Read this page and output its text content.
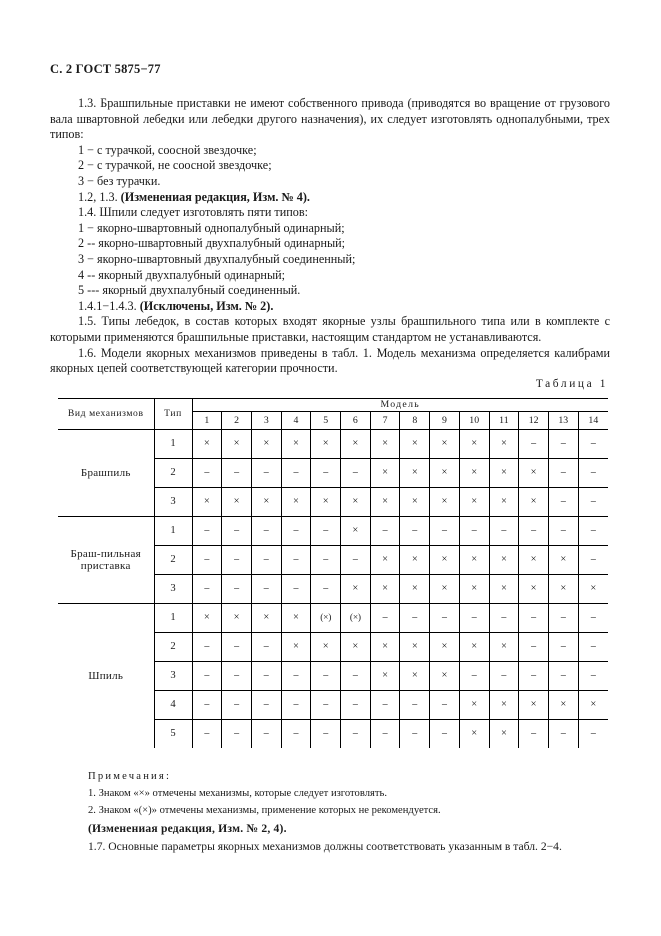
С. 2 ГОСТ 5875−77

1.3. Брашпильные приставки не имеют собственного привода (приводятся во вращение от грузового вала швартовной лебедки или лебедки другого назначения), их следует изготовлять однопалубными, трех типов:

1 − с турачкой, соосной звездочке;

2 − с турачкой, не соосной звездочке;

3 − без турачки.

1.2, 1.3. (Изменениая редакция, Изм. № 4).

1.4. Шпили следует изготовлять пяти типов:

1 − якорно-швартовный однопалубный одинарный;

2 -- якорно-швартовный двухпалубный одинарный;

3 − якорно-швартовный двухпалубный соединенный;

4 -- якорный двухпалубный одинарный;

5 --- якорный двухпалубный соединенный.

1.4.1−1.4.3. (Исключены, Изм. № 2).

1.5. Типы лебедок, в состав которых входят якорные узлы брашпильного типа или в комплекте с которыми применяются брашпильные приставки, настоящим стандартом не устанавливаются.

1.6. Модели якорных механизмов приведены в табл. 1. Модель механизма определяется калибрами якорных цепей соответствующей категории прочности.

Таблица 1
Вид механизмов	Тип	Модель													
		1	2	3	4	5	6	7	8	9	10	11	12	13	14
Брашпиль	1	×	×	×	×	×	×	×	×	×	×	×	−	−	−
	2	−	−	−	−	−	−	×	×	×	×	×	×	−	−
	3	×	×	×	×	×	×	×	×	×	×	×	×	−	−
Браш-пильная
приставка	1	−	−	−	−	−	×	−	−	−	−	−	−	−	−
	2	−	−	−	−	−	−	×	×	×	×	×	×	×	−
	3	−	−	−	−	−	×	×	×	×	×	×	×	×	×
Шпиль	1	×	×	×	×	(×)	(×)	−	−	−	−	−	−	−	−
	2	−	−	−	×	×	×	×	×	×	×	×	−	−	−
	3	−	−	−	−	−	−	×	×	×	−	−	−	−	−
	4	−	−	−	−	−	−	−	−	−	×	×	×	×	×
	5	−	−	−	−	−	−	−	−	−	×	×	−	−	−
Примечания:
1. Знаком «×» отмечены механизмы, которые следует изготовлять.
2. Знаком «(×)» отмечены механизмы, применение которых не рекомендуется.
(Изменениая редакция, Изм. № 2, 4).
1.7. Основные параметры якорных механизмов должны соответствовать указанным в табл. 2−4.
